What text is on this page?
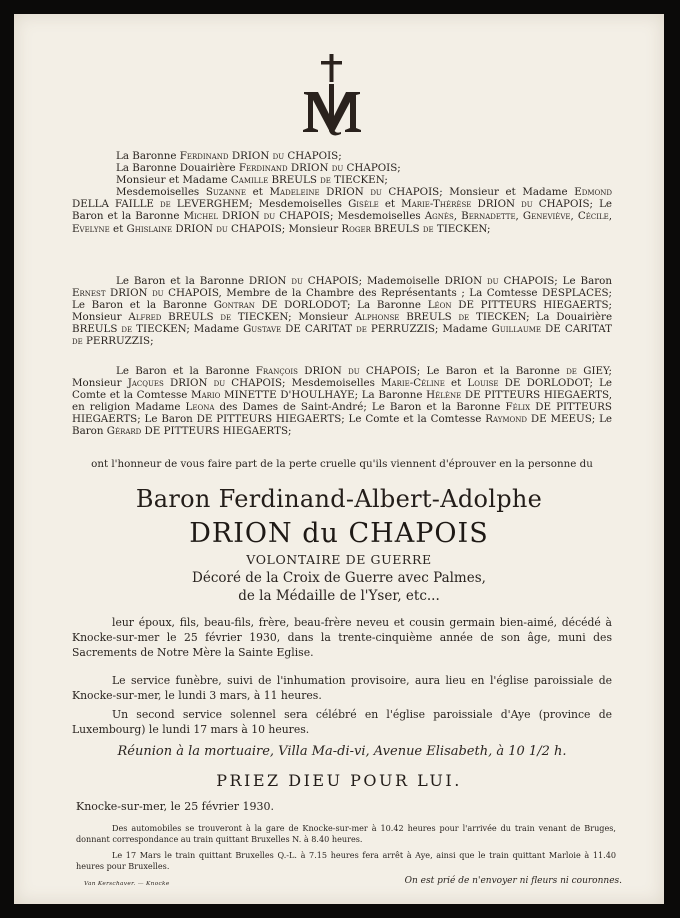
La Baronne Ferdinand DRION du CHAPOIS;

La Baronne Douairière Ferdinand DRION du CHAPOIS;

Monsieur et Madame Camille BREULS de TIECKEN;

Mesdemoiselles Suzanne et Madeleine DRION du CHAPOIS; Monsieur et Madame Edmond DELLA FAILLE de LEVERGHEM; Mesdemoiselles Gisèle et Marie-Thérèse DRION du CHAPOIS; Le Baron et la Baronne Michel DRION du CHAPOIS; Mesdemoiselles Agnès, Bernadette, Geneviève, Cécile, Evelyne et Ghislaine DRION du CHAPOIS; Monsieur Roger BREULS de TIECKEN;

Le Baron et la Baronne DRION du CHAPOIS; Mademoiselle DRION du CHAPOIS; Le Baron Ernest DRION du CHAPOIS, Membre de la Chambre des Représentants ; La Comtesse DESPLACES; Le Baron et la Baronne Gontran DE DORLODOT; La Baronne Léon DE PITTEURS HIEGAERTS; Monsieur Alfred BREULS de TIECKEN; Monsieur Alphonse BREULS de TIECKEN; La Douairière BREULS de TIECKEN; Madame Gustave DE CARITAT de PERRUZZIS; Madame Guillaume DE CARITAT de PERRUZZIS;

Le Baron et la Baronne François DRION du CHAPOIS; Le Baron et la Baronne de GIEY; Monsieur Jacques DRION du CHAPOIS; Mesdemoiselles Marie-Céline et Louise DE DORLODOT; Le Comte et la Comtesse Mario MINETTE D'HOULHAYE; La Baronne Hélène DE PITTEURS HIEGAERTS, en religion Madame Leona des Dames de Saint-André; Le Baron et la Baronne Félix DE PITTEURS HIEGAERTS; Le Baron DE PITTEURS HIEGAERTS; Le Comte et la Comtesse Raymond DE MEEUS; Le Baron Gérard DE PITTEURS HIEGAERTS;

ont l'honneur de vous faire part de la perte cruelle qu'ils viennent d'éprouver en la personne du
Baron Ferdinand-Albert-Adolphe
DRION du CHAPOIS
VOLONTAIRE DE GUERRE
Décoré de la Croix de Guerre avec Palmes,
de la Médaille de l'Yser, etc...

leur époux, fils, beau-fils, frère, beau-frère neveu et cousin germain bien-aimé, décédé à Knocke-sur-mer le 25 février 1930, dans la trente-cinquième année de son âge, muni des Sacrements de Notre Mère la Sainte Eglise.

Le service funèbre, suivi de l'inhumation provisoire, aura lieu en l'église paroissiale de Knocke-sur-mer, le lundi 3 mars, à 11 heures.

Un second service solennel sera célébré en l'église paroissiale d'Aye (province de Luxembourg) le lundi 17 mars à 10 heures.

Réunion à la mortuaire, Villa Ma-di-vi, Avenue Elisabeth, à 10 1/2 h.
PRIEZ DIEU POUR LUI.
Knocke-sur-mer, le 25 février 1930.

Des automobiles se trouveront à la gare de Knocke-sur-mer à 10.42 heures pour l'arrivée du train venant de Bruges, donnant correspondance au train quittant Bruxelles N. à 8.40 heures.

Le 17 Mars le train quittant Bruxelles Q.-L. à 7.15 heures fera arrêt à Aye, ainsi que le train quittant Marloie à 11.40 heures pour Bruxelles.

Van Kerschaver. — Knocke	On est prié de n'envoyer ni fleurs ni couronnes.
